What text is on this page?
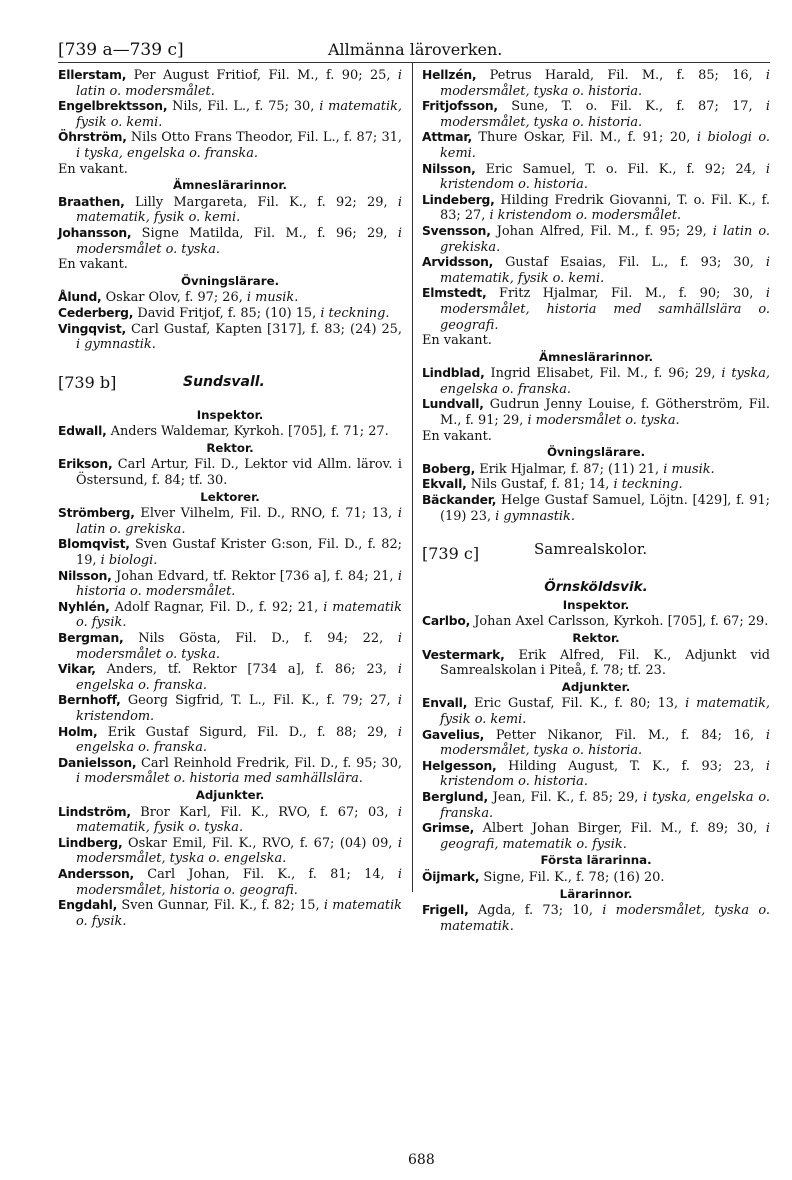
[739 a—739 c]	Allmänna läroverken.

Ellerstam, Per August Fritiof, Fil. M., f. 90; 25, i latin o. modersmålet.

Engelbrektsson, Nils, Fil. L., f. 75; 30, i matematik, fysik o. kemi.

Öhrström, Nils Otto Frans Theodor, Fil. L., f. 87; 31, i tyska, engelska o. franska.

En vakant.

Ämneslärarinnor.

Braathen, Lilly Margareta, Fil. K., f. 92; 29, i matematik, fysik o. kemi.

Johansson, Signe Matilda, Fil. M., f. 96; 29, i modersmålet o. tyska.

En vakant.

Övningslärare.

Ålund, Oskar Olov, f. 97; 26, i musik.

Cederberg, David Fritjof, f. 85; (10) 15, i teckning.

Vingqvist, Carl Gustaf, Kapten [317], f. 83; (24) 25, i gymnastik.

[739 b]	Sundsvall.
Inspektor.

Edwall, Anders Waldemar, Kyrkoh. [705], f. 71; 27.

Rektor.

Erikson, Carl Artur, Fil. D., Lektor vid Allm. lärov. i Östersund, f. 84; tf. 30.

Lektorer.

Strömberg, Elver Vilhelm, Fil. D., RNO, f. 71; 13, i latin o. grekiska.

Blomqvist, Sven Gustaf Krister G:son, Fil. D., f. 82; 19, i biologi.

Nilsson, Johan Edvard, tf. Rektor [736 a], f. 84; 21, i historia o. modersmålet.

Nyhlén, Adolf Ragnar, Fil. D., f. 92; 21, i matematik o. fysik.

Bergman, Nils Gösta, Fil. D., f. 94; 22, i modersmålet o. tyska.

Vikar, Anders, tf. Rektor [734 a], f. 86; 23, i engelska o. franska.

Bernhoff, Georg Sigfrid, T. L., Fil. K., f. 79; 27, i kristendom.

Holm, Erik Gustaf Sigurd, Fil. D., f. 88; 29, i engelska o. franska.

Danielsson, Carl Reinhold Fredrik, Fil. D., f. 95; 30, i modersmålet o. historia med samhällslära.

Adjunkter.

Lindström, Bror Karl, Fil. K., RVO, f. 67; 03, i matematik, fysik o. tyska.

Lindberg, Oskar Emil, Fil. K., RVO, f. 67; (04) 09, i modersmålet, tyska o. engelska.

Andersson, Carl Johan, Fil. K., f. 81; 14, i modersmålet, historia o. geografi.

Engdahl, Sven Gunnar, Fil. K., f. 82; 15, i matematik o. fysik.

Hellzén, Petrus Harald, Fil. M., f. 85; 16, i modersmålet, tyska o. historia.

Fritjofsson, Sune, T. o. Fil. K., f. 87; 17, i modersmålet, tyska o. historia.

Attmar, Thure Oskar, Fil. M., f. 91; 20, i biologi o. kemi.

Nilsson, Eric Samuel, T. o. Fil. K., f. 92; 24, i kristendom o. historia.

Lindeberg, Hilding Fredrik Giovanni, T. o. Fil. K., f. 83; 27, i kristendom o. modersmålet.

Svensson, Johan Alfred, Fil. M., f. 95; 29, i latin o. grekiska.

Arvidsson, Gustaf Esaias, Fil. L., f. 93; 30, i matematik, fysik o. kemi.

Elmstedt, Fritz Hjalmar, Fil. M., f. 90; 30, i modersmålet, historia med samhällslära o. geografi.

En vakant.

Ämneslärarinnor.

Lindblad, Ingrid Elisabet, Fil. M., f. 96; 29, i tyska, engelska o. franska.

Lundvall, Gudrun Jenny Louise, f. Götherström, Fil. M., f. 91; 29, i modersmålet o. tyska.

En vakant.

Övningslärare.

Boberg, Erik Hjalmar, f. 87; (11) 21, i musik.

Ekvall, Nils Gustaf, f. 81; 14, i teckning.

Bäckander, Helge Gustaf Samuel, Löjtn. [429], f. 91; (19) 23, i gymnastik.

[739 c]	Samrealskolor.
Örnsköldsvik.
Inspektor.

Carlbo, Johan Axel Carlsson, Kyrkoh. [705], f. 67; 29.

Rektor.

Vestermark, Erik Alfred, Fil. K., Adjunkt vid Samrealskolan i Piteå, f. 78; tf. 23.

Adjunkter.

Envall, Eric Gustaf, Fil. K., f. 80; 13, i matematik, fysik o. kemi.

Gavelius, Petter Nikanor, Fil. M., f. 84; 16, i modersmålet, tyska o. historia.

Helgesson, Hilding August, T. K., f. 93; 23, i kristendom o. historia.

Berglund, Jean, Fil. K., f. 85; 29, i tyska, engelska o. franska.

Grimse, Albert Johan Birger, Fil. M., f. 89; 30, i geografi, matematik o. fysik.

Första lärarinna.

Öijmark, Signe, Fil. K., f. 78; (16) 20.

Lärarinnor.

Frigell, Agda, f. 73; 10, i modersmålet, tyska o. matematik.

688
